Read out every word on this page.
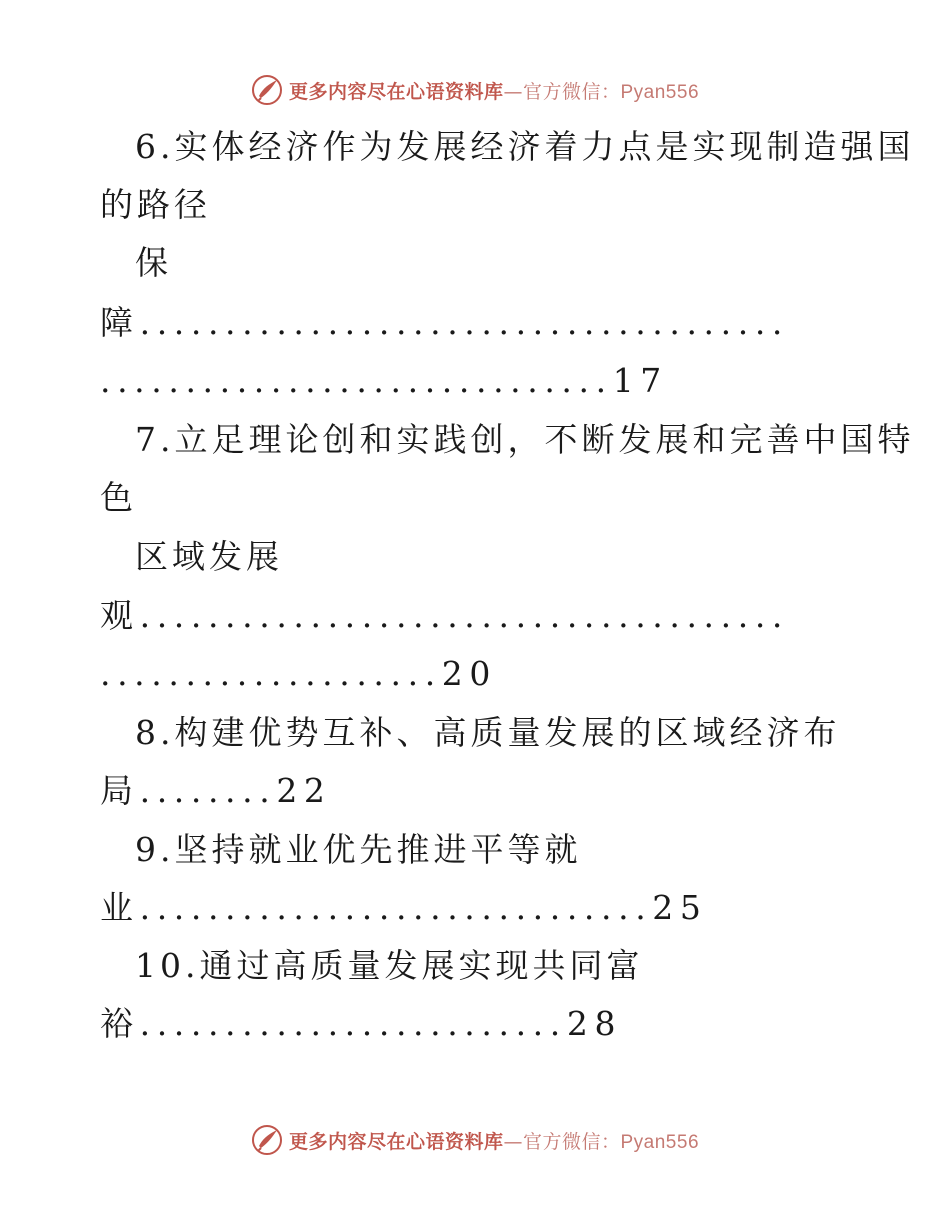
更多内容尽在心语资料库—官方微信：Pyan556
6.实体经济作为发展经济着力点是实现制造强国
的路径
保
障......................................
..............................17
7.立足理论创和实践创，不断发展和完善中国特
色
区域发展
观......................................
....................20
8.构建优势互补、高质量发展的区域经济布
局........22
9.坚持就业优先推进平等就
业..............................25
10.通过高质量发展实现共同富
裕.........................28
更多内容尽在心语资料库—官方微信：Pyan556
